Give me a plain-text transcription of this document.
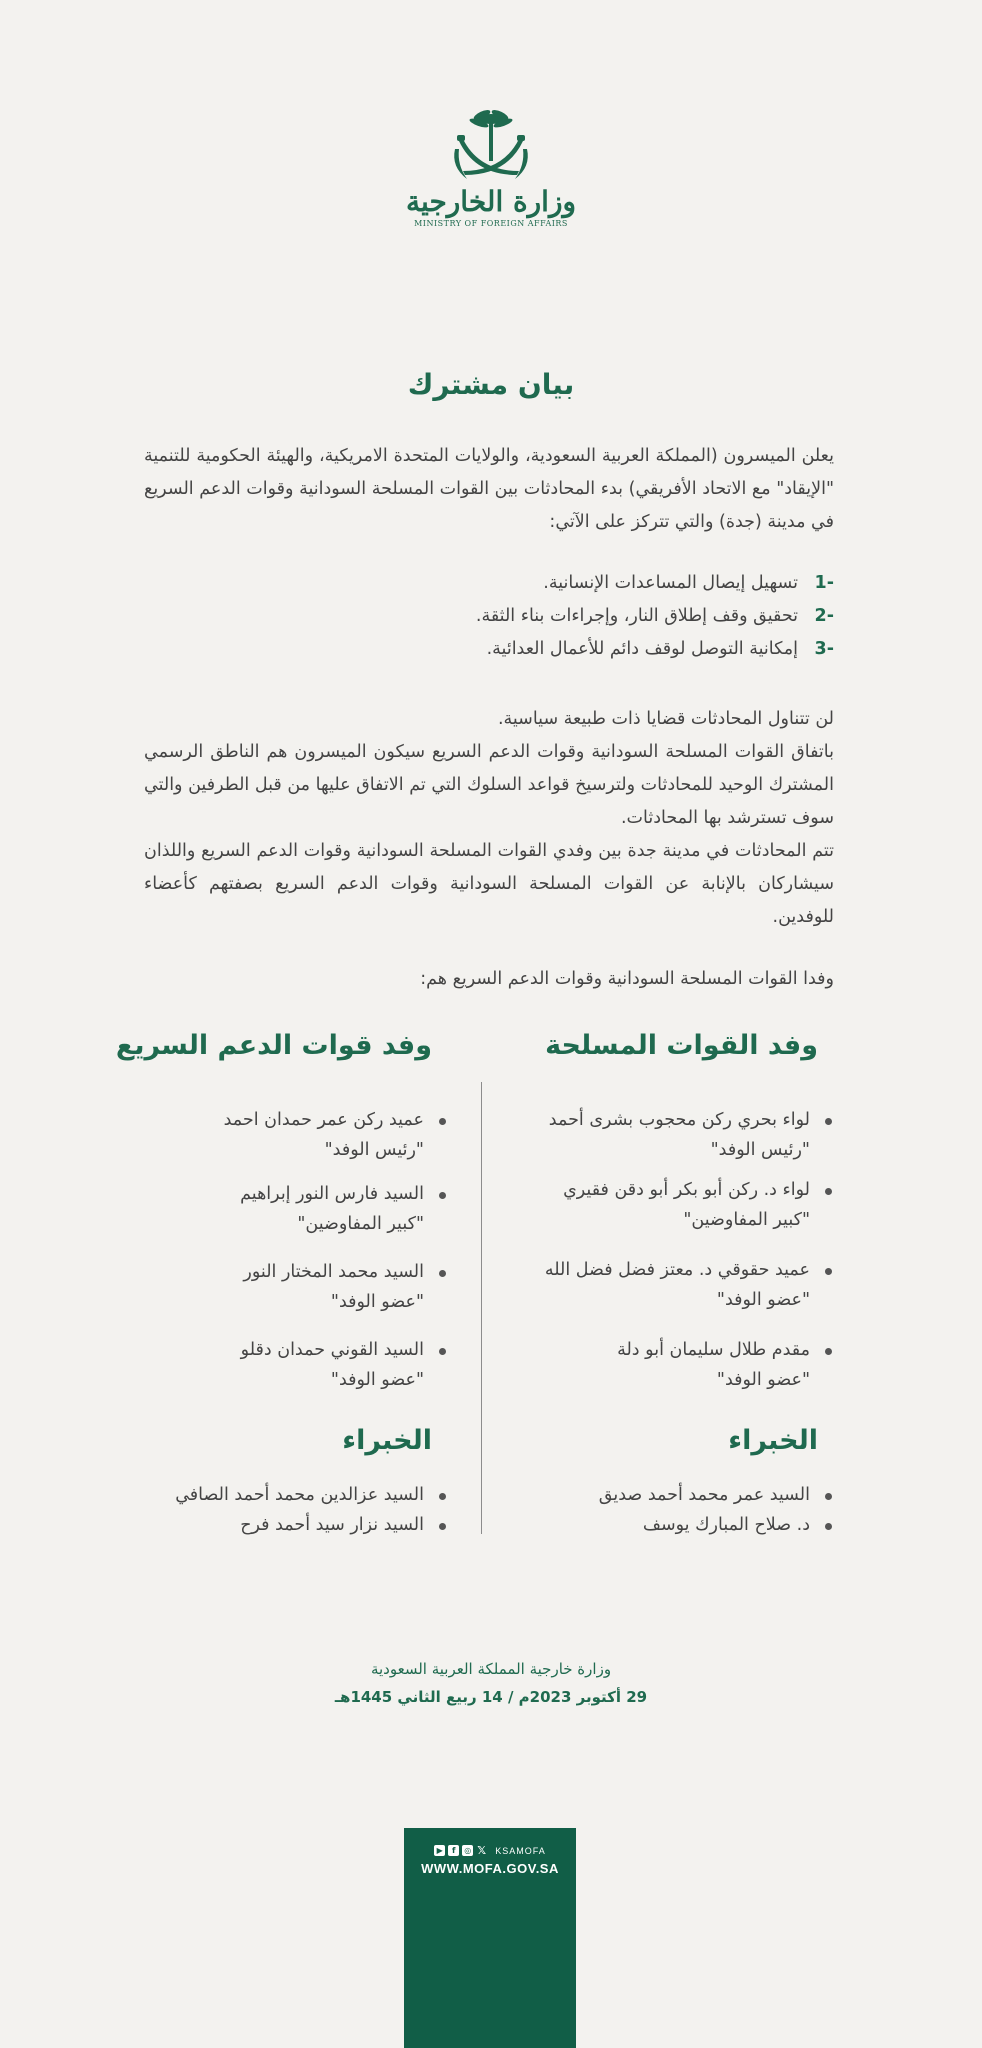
وزارة الخارجية
MINISTRY OF FOREIGN AFFAIRS
بيان مشترك
يعلن الميسرون (المملكة العربية السعودية، والولايات المتحدة الامريكية، والهيئة الحكومية للتنمية "الإيقاد" مع الاتحاد الأفريقي) بدء المحادثات بين القوات المسلحة السودانية وقوات الدعم السريع في مدينة (جدة) والتي تتركز على الآتي:
-1
تسهيل إيصال المساعدات الإنسانية.
-2
تحقيق وقف إطلاق النار، وإجراءات بناء الثقة.
-3
إمكانية التوصل لوقف دائم للأعمال العدائية.

لن تتناول المحادثات قضايا ذات طبيعة سياسية.

باتفاق القوات المسلحة السودانية وقوات الدعم السريع سيكون الميسرون هم الناطق الرسمي المشترك الوحيد للمحادثات ولترسيخ قواعد السلوك التي تم الاتفاق عليها من قبل الطرفين والتي سوف تسترشد بها المحادثات.

تتم المحادثات في مدينة جدة بين وفدي القوات المسلحة السودانية وقوات الدعم السريع واللذان سيشاركان بالإنابة عن القوات المسلحة السودانية وقوات الدعم السريع بصفتهم كأعضاء للوفدين.

وفدا القوات المسلحة السودانية وقوات الدعم السريع هم:
وفد القوات المسلحة
لواء بحري ركن محجوب بشرى أحمد
"رئيس الوفد"
لواء د. ركن أبو بكر أبو دقن فقيري
"كبير المفاوضين"
عميد حقوقي د. معتز فضل فضل الله
"عضو الوفد"
مقدم طلال سليمان أبو دلة
"عضو الوفد"
الخبراء
السيد عمر محمد أحمد صديق
د. صلاح المبارك يوسف
وفد قوات الدعم السريع
عميد ركن عمر حمدان احمد
"رئيس الوفد"
السيد فارس النور إبراهيم
"كبير المفاوضين"
السيد محمد المختار النور
"عضو الوفد"
السيد القوني حمدان دقلو
"عضو الوفد"
الخبراء
السيد عزالدين محمد أحمد الصافي
السيد نزار سيد أحمد فرح
وزارة خارجية المملكة العربية السعودية
29 أكتوبر 2023م / 14 ربيع الثاني 1445هـ
▶	f	◎ 𝕏 KSAMOFA
WWW.MOFA.GOV.SA
